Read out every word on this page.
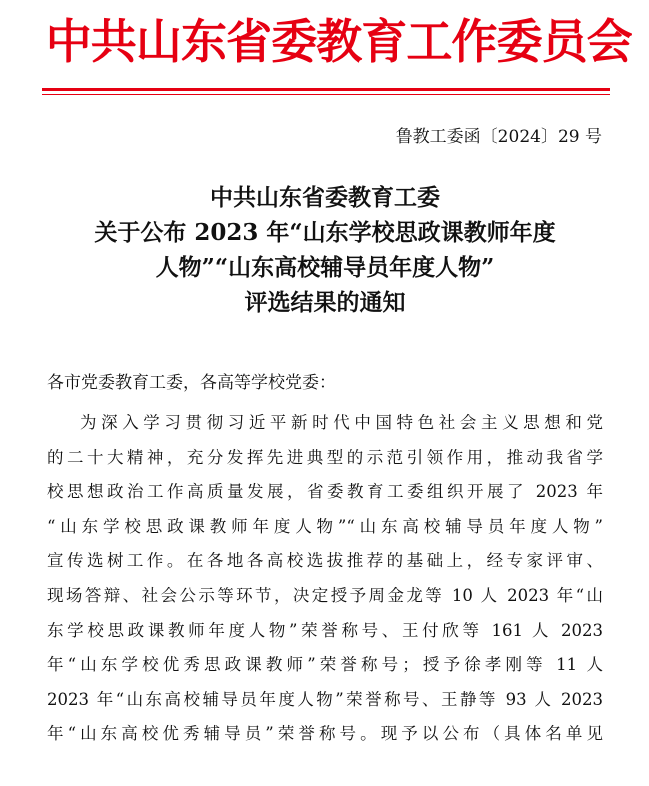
中共山东省委教育工作委员会
鲁教工委函〔2024〕29 号
中共山东省委教育工委
关于公布 2023 年“山东学校思政课教师年度
人物”“山东高校辅导员年度人物”
评选结果的通知
各市党委教育工委，各高等学校党委：
为深入学习贯彻习近平新时代中国特色社会主义思想和党
的二十大精神，充分发挥先进典型的示范引领作用，推动我省学
校思想政治工作高质量发展，省委教育工委组织开展了 2023 年
“山东学校思政课教师年度人物”“山东高校辅导员年度人物”
宣传选树工作。在各地各高校选拔推荐的基础上，经专家评审、
现场答辩、社会公示等环节，决定授予周金龙等 10 人 2023 年“山
东学校思政课教师年度人物”荣誉称号、王付欣等 161 人 2023
年“山东学校优秀思政课教师”荣誉称号；授予徐孝刚等 11 人
2023 年“山东高校辅导员年度人物”荣誉称号、王静等 93 人 2023
年“山东高校优秀辅导员”荣誉称号。现予以公布（具体名单见
